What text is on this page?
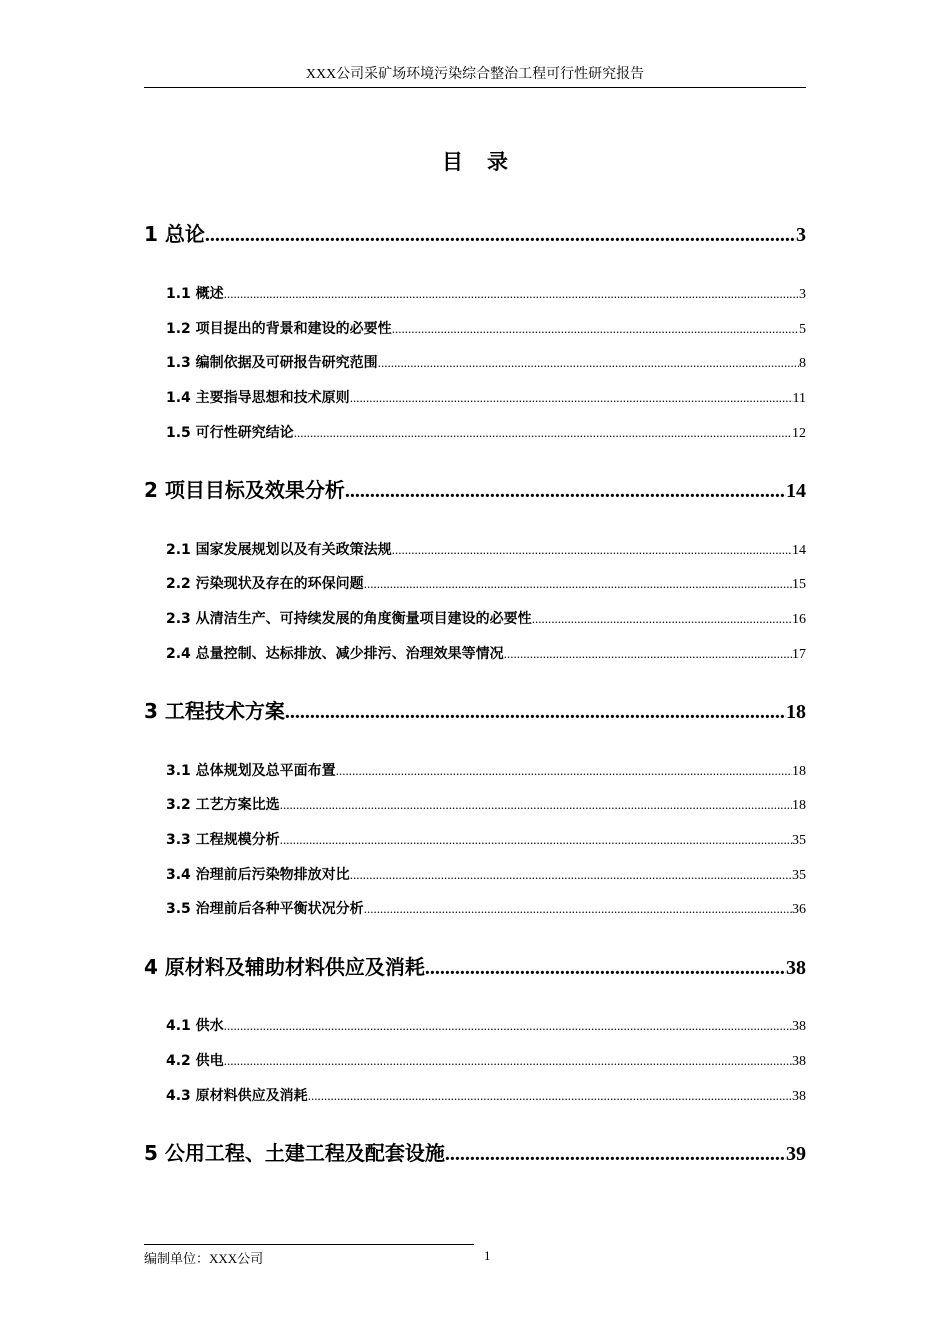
XXX公司采矿场环境污染综合整治工程可行性研究报告
目录
1 总论 .....	3
1.1 概述 .....	3
1.2 项目提出的背景和建设的必要性 .....	5
1.3 编制依据及可研报告研究范围 .....	8
1.4 主要指导思想和技术原则 .....	11
1.5 可行性研究结论 .....	12
2 项目目标及效果分析 .....	14
2.1 国家发展规划以及有关政策法规 .....	14
2.2 污染现状及存在的环保问题 .....	15
2.3 从清洁生产、可持续发展的角度衡量项目建设的必要性 .....	16
2.4 总量控制、达标排放、减少排污、治理效果等情况 .....	17
3 工程技术方案 .....	18
3.1 总体规划及总平面布置 .....	18
3.2 工艺方案比选 .....	18
3.3 工程规模分析 .....	35
3.4 治理前后污染物排放对比 .....	35
3.5 治理前后各种平衡状况分析 .....	36
4 原材料及辅助材料供应及消耗 .....	38
4.1 供水 .....	38
4.2 供电 .....	38
4.3 原材料供应及消耗 .....	38
5 公用工程、土建工程及配套设施 .....	39
编制单位：XXX公司	1
